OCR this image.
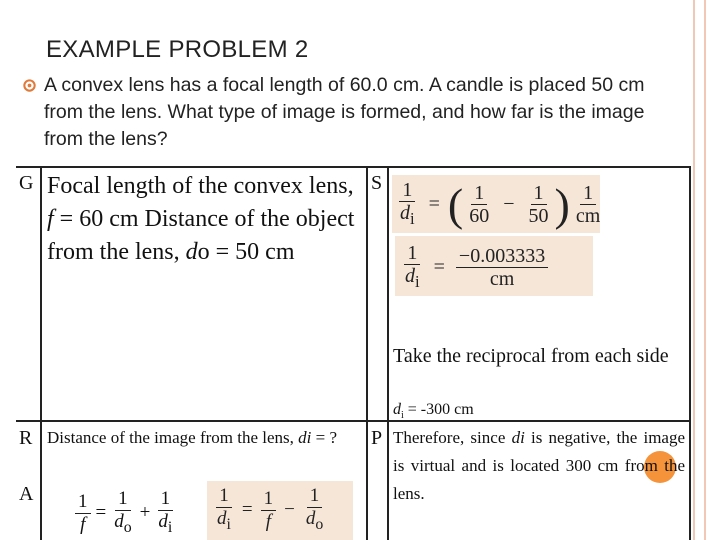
EXAMPLE PROBLEM 2
A convex lens has a focal length of 60.0 cm. A candle is placed 50 cm from the lens. What type of image is formed, and how far is the image from the lens?
G Focal length of the convex lens, f = 60 cm Distance of the object from the lens, do = 50 cm
S $\frac{1}{d_i}$ = ( $\frac{1}{60} - \frac{1}{50}$ ) 1
cm
$\frac{1}{d_i} = \frac{-0.003333}{cm}$
Take the reciprocal from each side
$d_i = -300$ cm
R Distance of the image from the lens, di = ?
A $\frac{1}{f} = \frac{1}{d_o} + \frac{1}{d_i} \frac{1}{d_i} = \frac{1}{f} - \frac{1}{d_o}$
P Therefore, since di is negative, the image is virtual and is located 300 cm from the lens.
